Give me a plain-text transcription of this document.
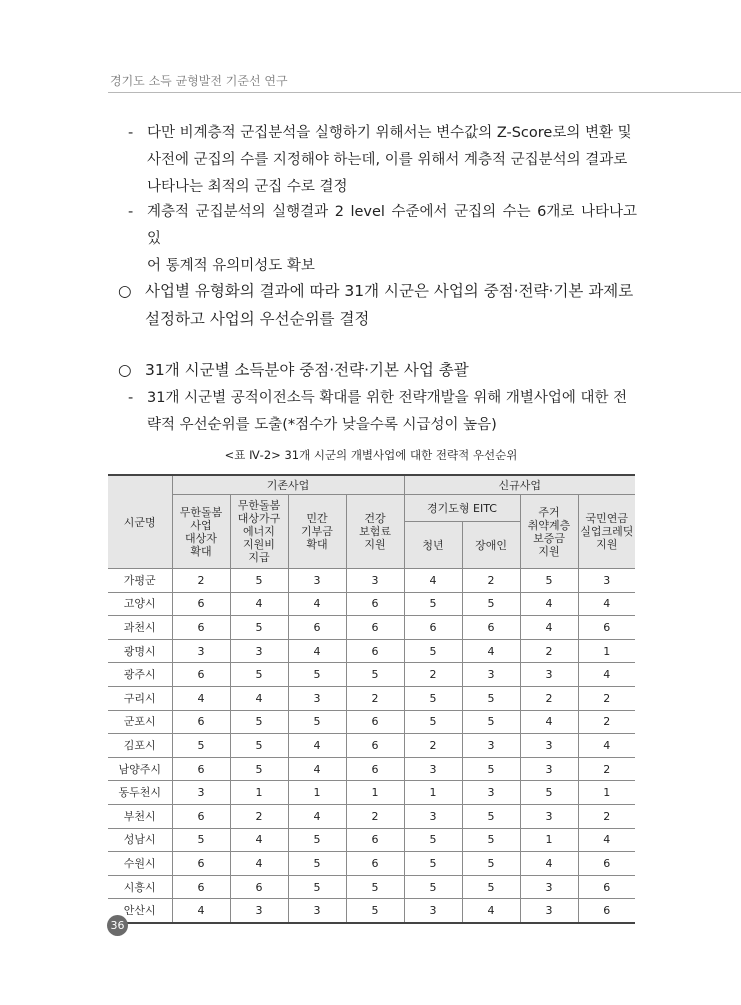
경기도 소득 균형발전 기준선 연구
- 다만 비계층적 군집분석을 실행하기 위해서는 변수값의 Z-Score로의 변환 및
사전에 군집의 수를 지정해야 하는데, 이를 위해서 계층적 군집분석의 결과로
나타나는 최적의 군집 수로 결정
- 계층적 군집분석의 실행결과 2 level 수준에서 군집의 수는 6개로 나타나고 있
어 통계적 유의미성도 확보
○ 사업별 유형화의 결과에 따라 31개 시군은 사업의 중점·전략·기본 과제로
설정하고 사업의 우선순위를 결정
○ 31개 시군별 소득분야 중점·전략·기본 사업 총괄
- 31개 시군별 공적이전소득 확대를 위한 전략개발을 위해 개별사업에 대한 전
략적 우선순위를 도출(*점수가 낮을수록 시급성이 높음)
<표 Ⅳ-2> 31개 시군의 개별사업에 대한 전략적 우선순위
시군명	기존사업				신규사업			
	무한돌봄
사업
대상자
확대	무한돌봄
대상가구
에너지
지원비
지급	민간
기부금
확대	건강
보험료
지원	경기도형 EITC		주거
취약계층
보증금
지원	국민연금
실업크레딧
지원
					청년	장애인		
가평군	2	5	3	3	4	2	5	3
고양시	6	4	4	6	5	5	4	4
과천시	6	5	6	6	6	6	4	6
광명시	3	3	4	6	5	4	2	1
광주시	6	5	5	5	2	3	3	4
구리시	4	4	3	2	5	5	2	2
군포시	6	5	5	6	5	5	4	2
김포시	5	5	4	6	2	3	3	4
남양주시	6	5	4	6	3	5	3	2
동두천시	3	1	1	1	1	3	5	1
부천시	6	2	4	2	3	5	3	2
성남시	5	4	5	6	5	5	1	4
수원시	6	4	5	6	5	5	4	6
시흥시	6	6	5	5	5	5	3	6
안산시	4	3	3	5	3	4	3	6
36
